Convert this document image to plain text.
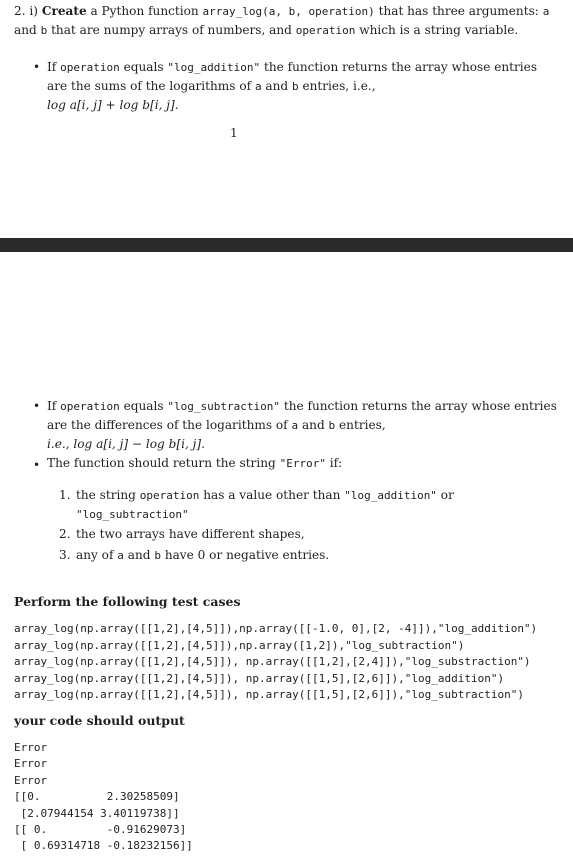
2. i) Create a Python function array_log(a, b, operation) that has three arguments: a and b that are numpy arrays of numbers, and operation which is a string variable.

• If operation equals "log_addition" the function returns the array whose entries are the sums of the logarithms of a and b entries, i.e.,
log a[i, j] + log b[i, j].

1
• If operation equals "log_subtraction" the function returns the array whose entries are the differences of the logarithms of a and b entries,
i.e., log a[i, j] − log b[i, j].

• The function should return the string "Error" if:

1. the string operation has a value other than "log_addition" or
"log_subtraction"

2. the two arrays have different shapes,

3. any of a and b have 0 or negative entries.

Perform the following test cases

array_log(np.array([[1,2],[4,5]]),np.array([[-1.0, 0],[2, -4]]),"log_addition")
array_log(np.array([[1,2],[4,5]]),np.array([1,2]),"log_subtraction")
array_log(np.array([[1,2],[4,5]]), np.array([[1,2],[2,4]]),"log_substraction")
array_log(np.array([[1,2],[4,5]]), np.array([[1,5],[2,6]]),"log_addition")
array_log(np.array([[1,2],[4,5]]), np.array([[1,5],[2,6]]),"log_subtraction")

your code should output

Error
Error
Error
[[0.          2.30258509]
[2.07944154 3.40119738]]
[[ 0.         -0.91629073]
[ 0.69314718 -0.18232156]]
